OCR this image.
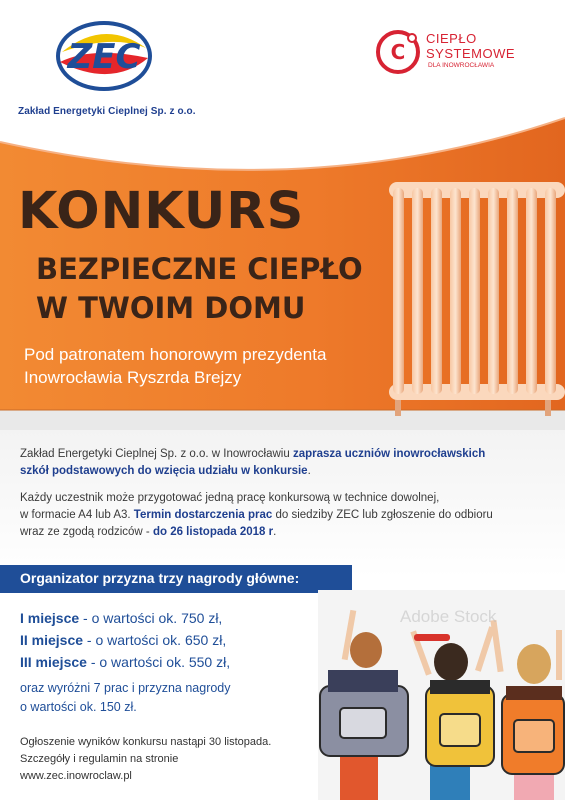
ZEC
Zakład Energetyki Cieplnej Sp. z o.o.
C
CIEPŁO
SYSTEMOWE
DLA INOWROCŁAWIA
KONKURS
BEZPIECZNE CIEPŁO
W TWOIM DOMU
Pod patronatem honorowym prezydenta
Inowrocławia Ryszrda Brejzy
Zakład Energetyki Cieplnej Sp. z o.o. w Inowrocławiu zaprasza uczniów inowrocławskich
szkół podstawowych do wzięcia udziału w konkursie.
Każdy uczestnik może przygotować jedną pracę konkursową w technice dowolnej,
w formacie A4 lub A3. Termin dostarczenia prac do siedziby ZEC lub zgłoszenie do odbioru
wraz ze zgodą rodziców - do 26 listopada 2018 r.
Organizator przyzna trzy nagrody główne:
I miejsce - o wartości ok. 750 zł,
II miejsce - o wartości ok. 650 zł,
III miejsce - o wartości ok. 550 zł,
oraz wyróżni 7 prac i przyzna nagrody
o wartości ok. 150 zł.
Ogłoszenie wyników konkursu nastąpi 30 listopada.
Szczegóły i regulamin na stronie
www.zec.inowroclaw.pl
Adobe Stock
